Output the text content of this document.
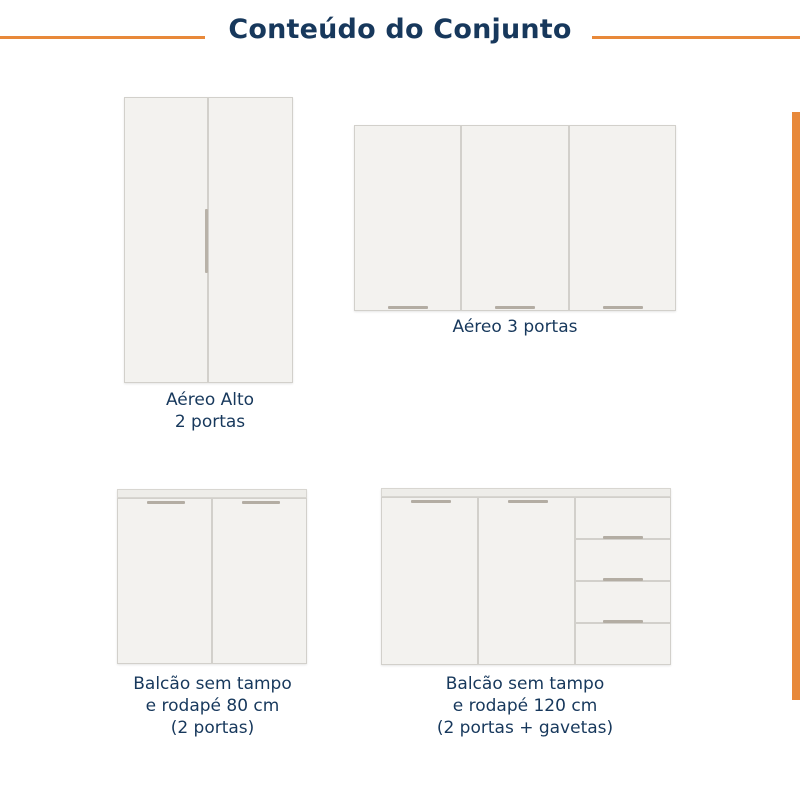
Conteúdo do Conjunto
Aéreo Alto
2 portas
Aéreo 3 portas
Balcão sem tampo
e rodapé 80 cm
(2 portas)
Balcão sem tampo
e rodapé 120 cm
(2 portas + gavetas)
